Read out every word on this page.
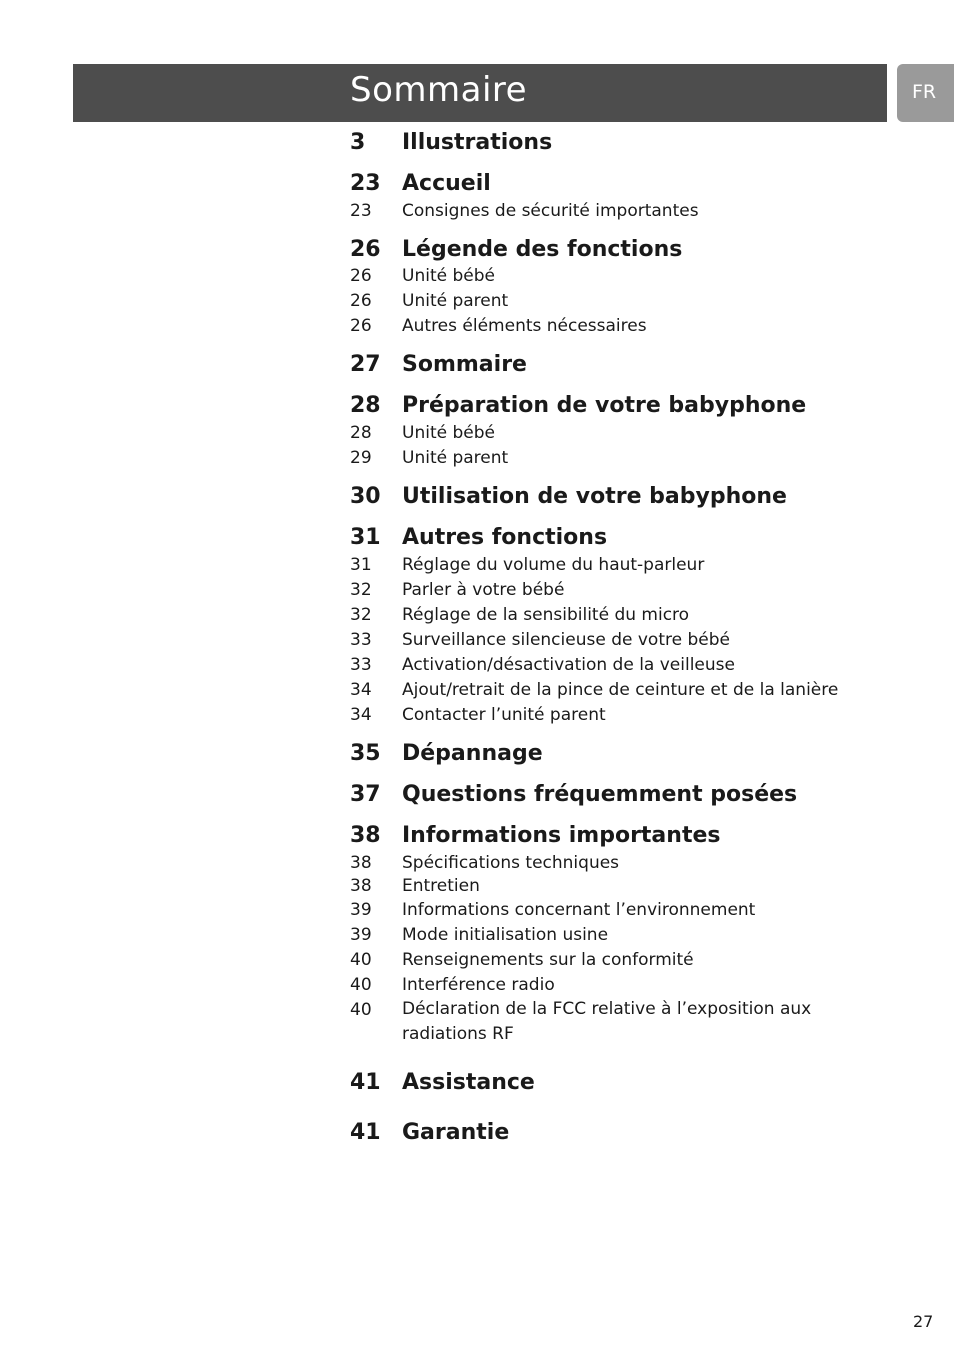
Sommaire	FR
3 Illustrations
23 Accueil
23 Consignes de sécurité importantes
26 Légende des fonctions
26 Unité bébé
26 Unité parent
26 Autres éléments nécessaires
27 Sommaire
28 Préparation de votre babyphone
28 Unité bébé
29 Unité parent
30 Utilisation de votre babyphone
31 Autres fonctions
31 Réglage du volume du haut-parleur
32 Parler à votre bébé
32 Réglage de la sensibilité du micro
33 Surveillance silencieuse de votre bébé
33 Activation/désactivation de la veilleuse
34 Ajout/retrait de la pince de ceinture et de la lanière
34 Contacter l’unité parent
35 Dépannage
37 Questions fréquemment posées
38 Informations importantes
38 Spécifications techniques
38 Entretien
39 Informations concernant l’environnement
39 Mode initialisation usine
40 Renseignements sur la conformité
40 Interférence radio
40 Déclaration de la FCC relative à l’exposition aux radiations RF
41 Assistance
41 Garantie
27
